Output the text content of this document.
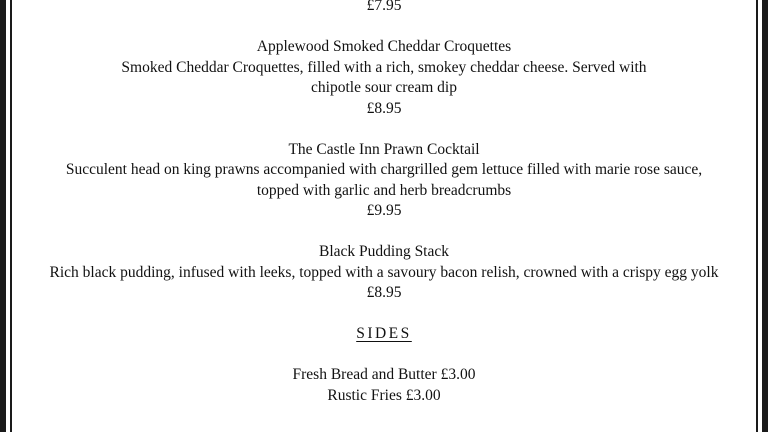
£7.95
Applewood Smoked Cheddar Croquettes
Smoked Cheddar Croquettes, filled with a rich, smokey cheddar cheese. Served with chipotle sour cream dip
£8.95
The Castle Inn Prawn Cocktail
Succulent head on king prawns accompanied with chargrilled gem lettuce filled with marie rose sauce, topped with garlic and herb breadcrumbs
£9.95
Black Pudding Stack
Rich black pudding, infused with leeks, topped with a savoury bacon relish, crowned with a crispy egg yolk
£8.95
SIDES
Fresh Bread and Butter £3.00
Rustic Fries £3.00
